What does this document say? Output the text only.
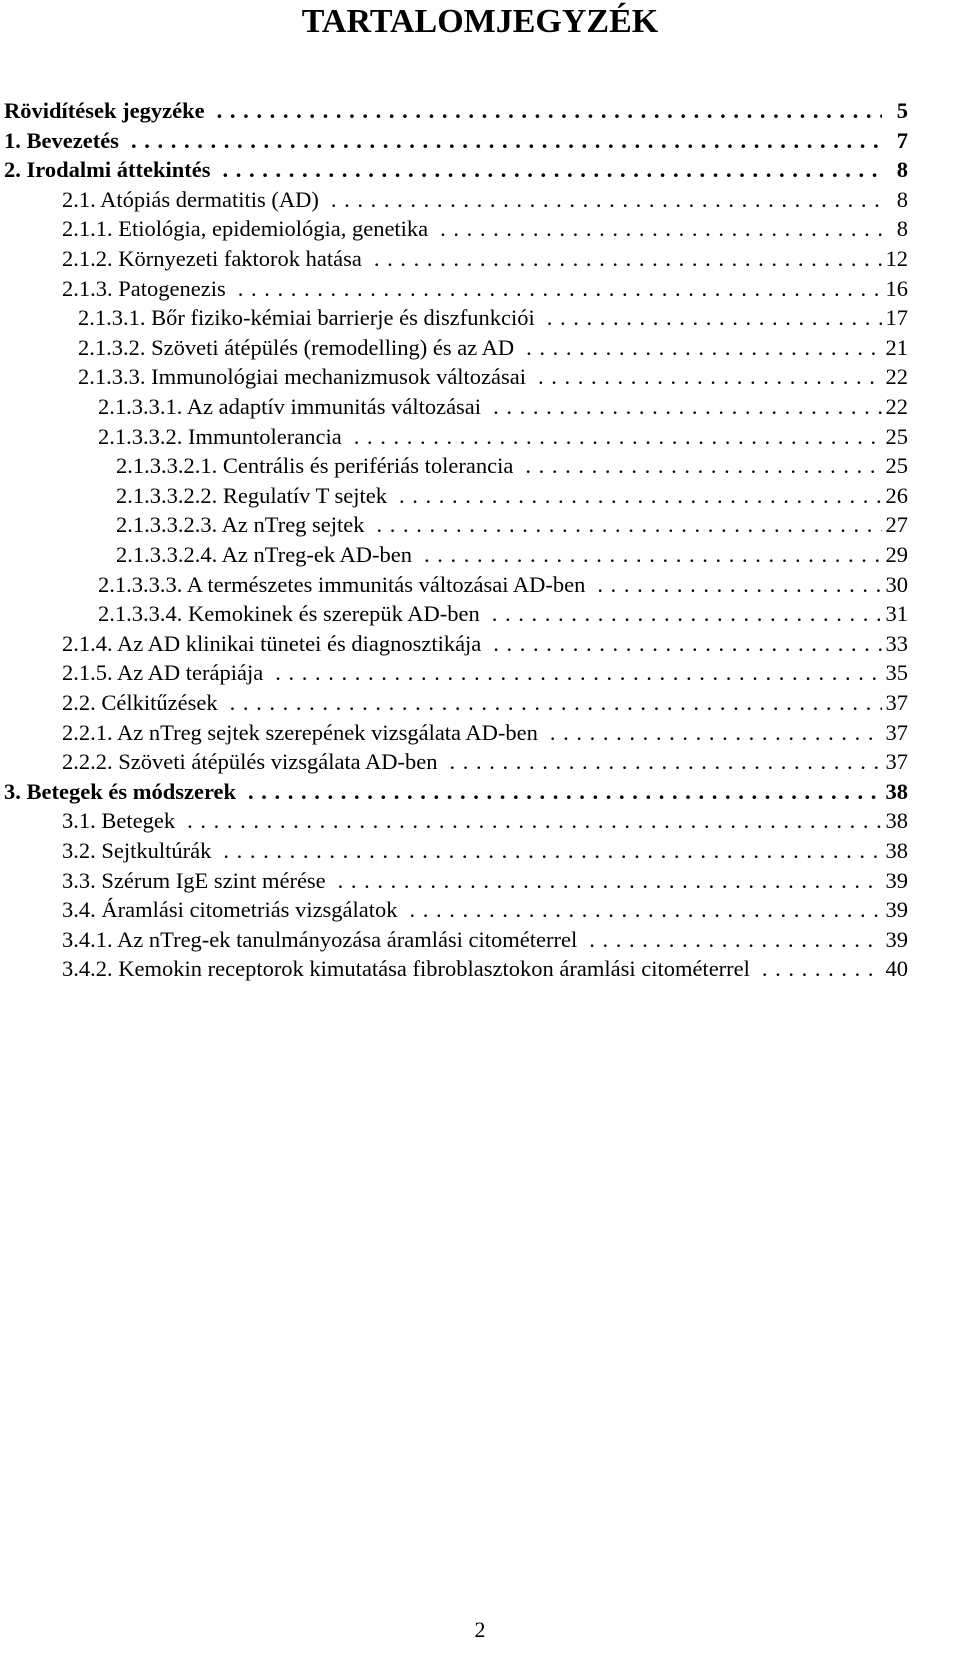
TARTALOMJEGYZÉK
Rövidítések jegyzéke . . .	5
1. Bevezetés . . .	7
2. Irodalmi áttekintés . . .	8
2.1. Atópiás dermatitis (AD) . . .	8
2.1.1. Etiológia, epidemiológia, genetika . . .	8
2.1.2. Környezeti faktorok hatása . . .	12
2.1.3. Patogenezis . . .	16
2.1.3.1. Bőr fiziko-kémiai barrierje és diszfunkciói . . .	17
2.1.3.2. Szöveti átépülés (remodelling) és az AD . . .	21
2.1.3.3. Immunológiai mechanizmusok változásai . . .	22
2.1.3.3.1. Az adaptív immunitás változásai . . .	22
2.1.3.3.2. Immuntolerancia . . .	25
2.1.3.3.2.1. Centrális és perifériás tolerancia . . .	25
2.1.3.3.2.2. Regulatív T sejtek . . .	26
2.1.3.3.2.3. Az nTreg sejtek . . .	27
2.1.3.3.2.4. Az nTreg-ek AD-ben . . .	29
2.1.3.3.3. A természetes immunitás változásai AD-ben . . .	30
2.1.3.3.4. Kemokinek és szerepük AD-ben . . .	31
2.1.4. Az AD klinikai tünetei és diagnosztikája . . .	33
2.1.5. Az AD terápiája . . .	35
2.2. Célkitűzések . . .	37
2.2.1. Az nTreg sejtek szerepének vizsgálata AD-ben . . .	37
2.2.2. Szöveti átépülés vizsgálata AD-ben . . .	37
3. Betegek és módszerek . . .	38
3.1. Betegek . . .	38
3.2. Sejtkultúrák . . .	38
3.3. Szérum IgE szint mérése . . .	39
3.4. Áramlási citometriás vizsgálatok . . .	39
3.4.1. Az nTreg-ek tanulmányozása áramlási citométerrel . . .	39
3.4.2. Kemokin receptorok kimutatása fibroblasztokon áramlási citométerrel . . .	40
2
